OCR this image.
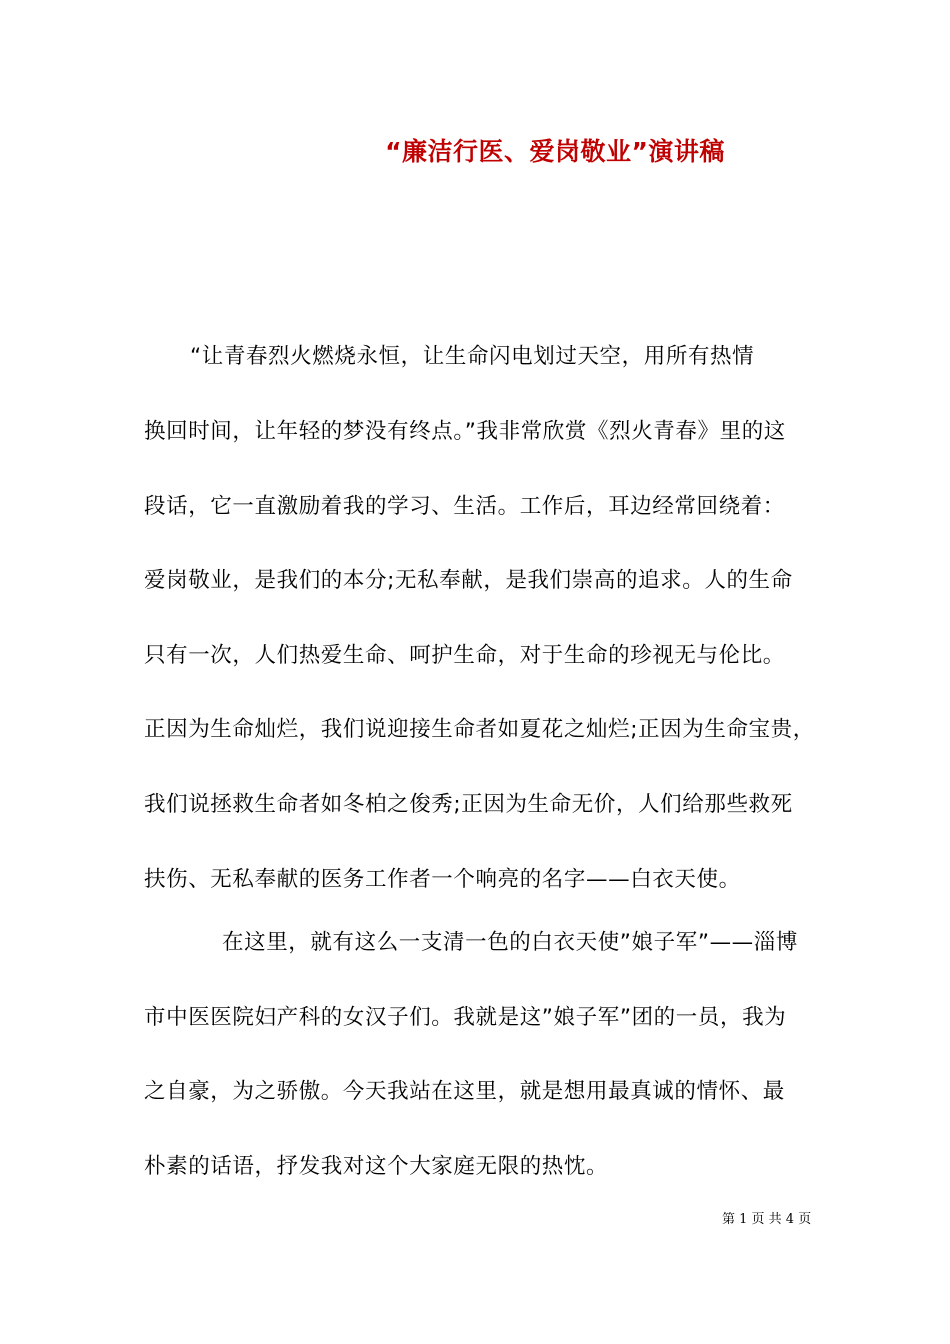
“廉洁行医、爱岗敬业”演讲稿
“让青春烈火燃烧永恒，让生命闪电划过天空，用所有热情
换回时间，让年轻的梦没有终点。”我非常欣赏《烈火青春》里的这
段话，它一直激励着我的学习、生活。工作后，耳边经常回绕着：
爱岗敬业，是我们的本分;无私奉献，是我们崇高的追求。人的生命
只有一次，人们热爱生命、呵护生命，对于生命的珍视无与伦比。
正因为生命灿烂，我们说迎接生命者如夏花之灿烂;正因为生命宝贵，
我们说拯救生命者如冬柏之俊秀;正因为生命无价，人们给那些救死
扶伤、无私奉献的医务工作者一个响亮的名字——白衣天使。
在这里，就有这么一支清一色的白衣天使”娘子军”——淄博
市中医医院妇产科的女汉子们。我就是这”娘子军”团的一员，我为
之自豪，为之骄傲。今天我站在这里，就是想用最真诚的情怀、最
朴素的话语，抒发我对这个大家庭无限的热忱。
第 1 页 共 4 页
